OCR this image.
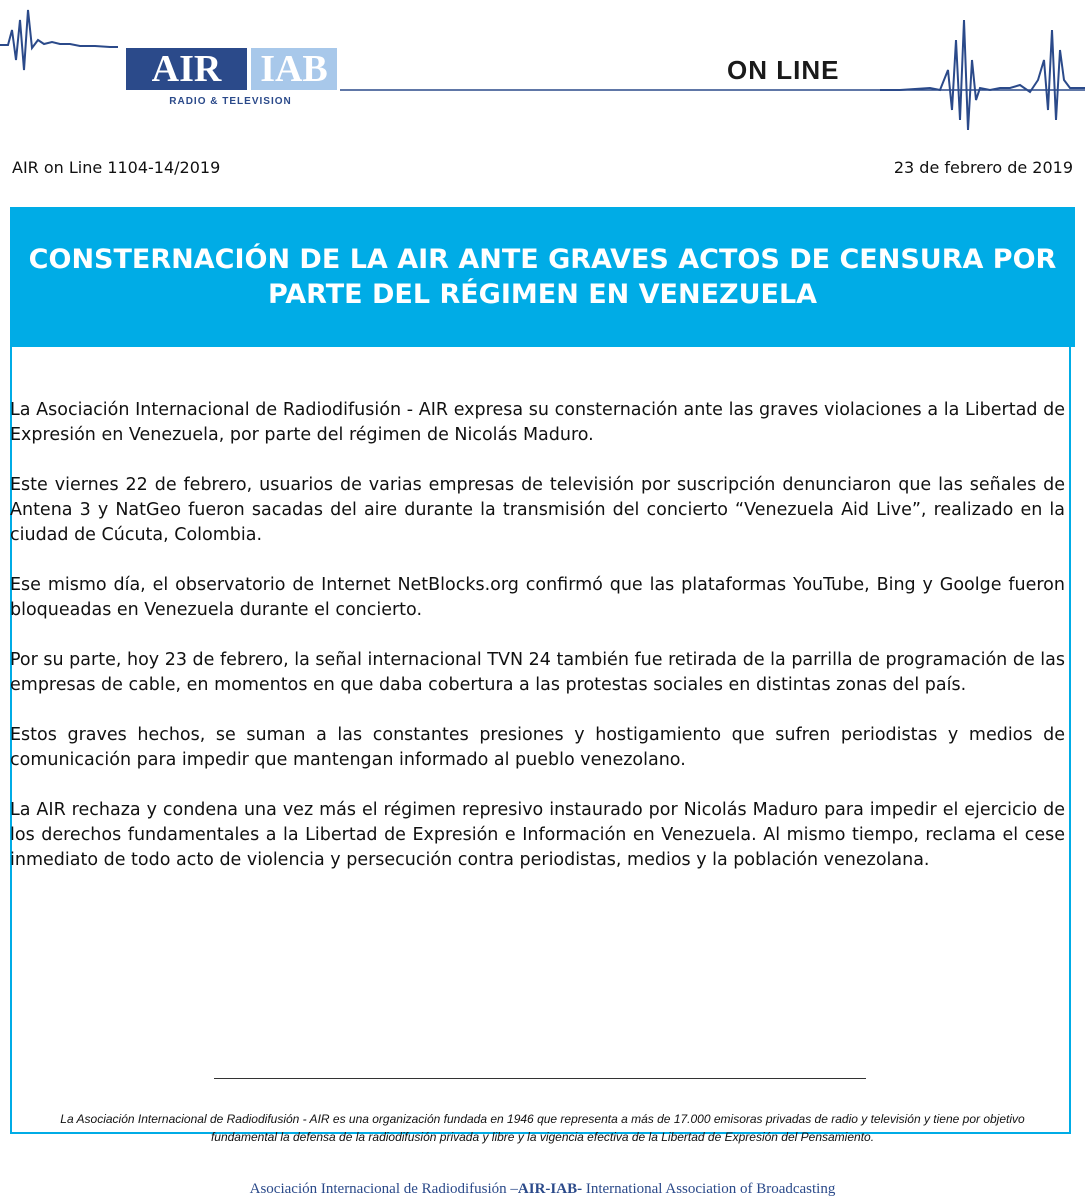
AIR	IAB
RADIO & TELEVISION
ON LINE
AIR on Line 1104-14/2019	23 de febrero de 2019
CONSTERNACIÓN DE LA AIR ANTE GRAVES ACTOS DE CENSURA POR PARTE DEL RÉGIMEN EN VENEZUELA

La Asociación Internacional de Radiodifusión - AIR expresa su consternación ante las graves violaciones a la Libertad de Expresión en Venezuela, por parte del régimen de Nicolás Maduro.

Este viernes 22 de febrero, usuarios de varias empresas de televisión por suscripción denunciaron que las señales de Antena 3 y NatGeo fueron sacadas del aire durante la transmisión del concierto “Venezuela Aid Live”, realizado en la ciudad de Cúcuta, Colombia.

Ese mismo día, el observatorio de Internet NetBlocks.org confirmó que las plataformas YouTube, Bing y Goolge fueron bloqueadas en Venezuela durante el concierto.

Por su parte, hoy 23 de febrero, la señal internacional TVN 24 también fue retirada de la parrilla de programación de las empresas de cable, en momentos en que daba cobertura a las protestas sociales en distintas zonas del país.

Estos graves hechos, se suman a las constantes presiones y hostigamiento que sufren periodistas y medios de comunicación para impedir que mantengan informado al pueblo venezolano.

La AIR rechaza y condena una vez más el régimen represivo instaurado por Nicolás Maduro para impedir el ejercicio de los derechos fundamentales a la Libertad de Expresión e Información en Venezuela. Al mismo tiempo, reclama el cese inmediato de todo acto de violencia y persecución contra periodistas, medios y la población venezolana.

La Asociación Internacional de Radiodifusión - AIR es una organización fundada en 1946 que representa a más de 17.000 emisoras privadas de radio y televisión y tiene por objetivo fundamental la defensa de la radiodifusión privada y libre y la vigencia efectiva de la Libertad de Expresión del Pensamiento.
Asociación Internacional de Radiodifusión –AIR-IAB- International Association of Broadcasting
